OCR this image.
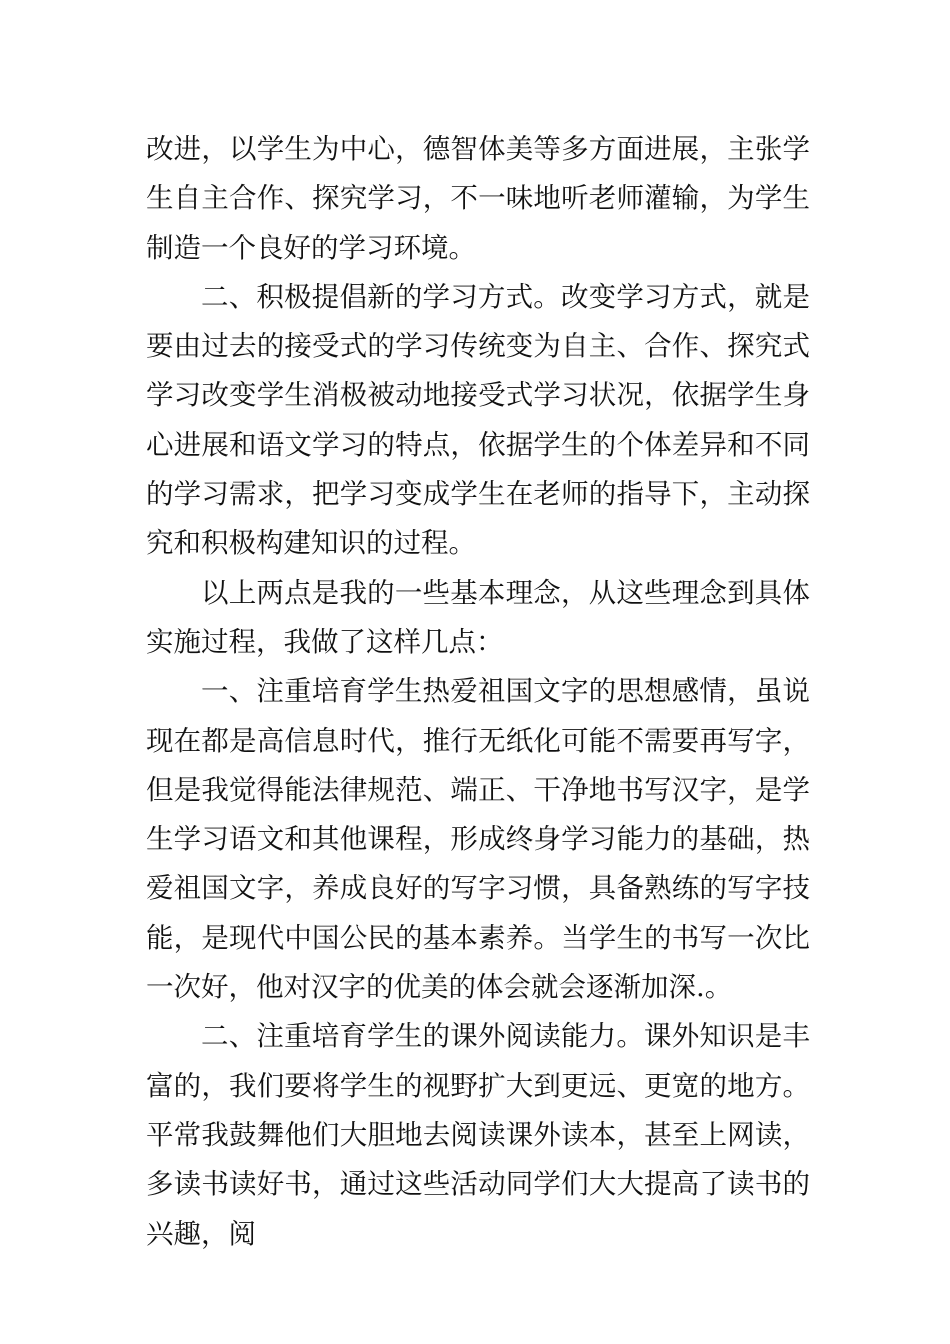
改进，以学生为中心，德智体美等多方面进展，主张学生自主合作、探究学习，不一味地听老师灌输，为学生制造一个良好的学习环境。

二、积极提倡新的学习方式。改变学习方式，就是要由过去的接受式的学习传统变为自主、合作、探究式学习改变学生消极被动地接受式学习状况，依据学生身心进展和语文学习的特点，依据学生的个体差异和不同的学习需求，把学习变成学生在老师的指导下，主动探究和积极构建知识的过程。

以上两点是我的一些基本理念，从这些理念到具体实施过程，我做了这样几点：

一、注重培育学生热爱祖国文字的思想感情，虽说现在都是高信息时代，推行无纸化可能不需要再写字，但是我觉得能法律规范、端正、干净地书写汉字，是学生学习语文和其他课程，形成终身学习能力的基础，热爱祖国文字，养成良好的写字习惯，具备熟练的写字技能，是现代中国公民的基本素养。当学生的书写一次比一次好，他对汉字的优美的体会就会逐渐加深.。

二、注重培育学生的课外阅读能力。课外知识是丰富的，我们要将学生的视野扩大到更远、更宽的地方。平常我鼓舞他们大胆地去阅读课外读本，甚至上网读，多读书读好书，通过这些活动同学们大大提高了读书的兴趣，阅
